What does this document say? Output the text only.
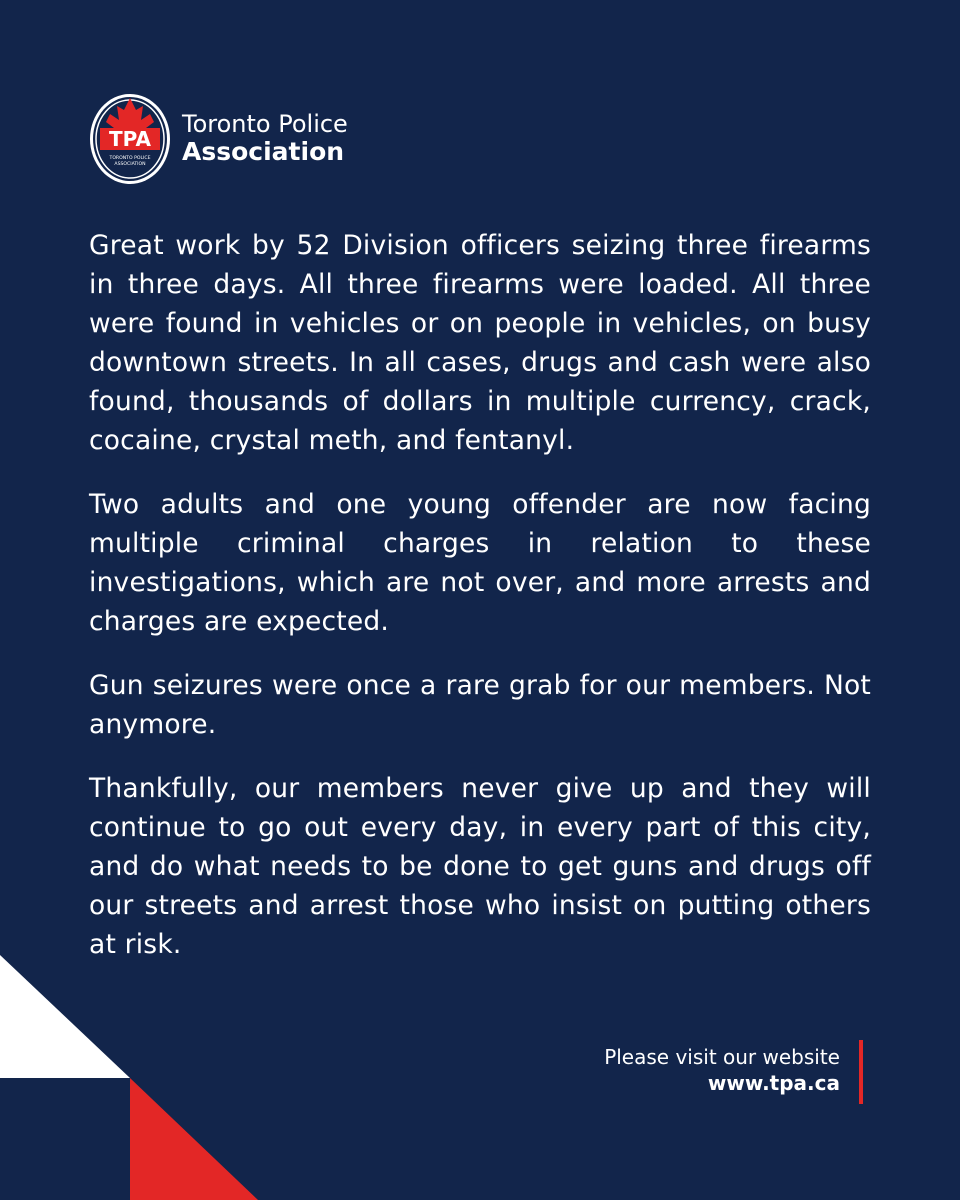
TPA
TORONTO POLICE
ASSOCIATION
Toronto Police
Association

Great work by 52 Division officers seizing three firearms in three days. All three firearms were loaded. All three were found in vehicles or on people in vehicles, on busy downtown streets. In all cases, drugs and cash were also found, thousands of dollars in multiple currency, crack, cocaine, crystal meth, and fentanyl.

Two adults and one young offender are now facing multiple criminal charges in relation to these investigations, which are not over, and more arrests and charges are expected.

Gun seizures were once a rare grab for our members. Not anymore.

Thankfully, our members never give up and they will continue to go out every day, in every part of this city, and do what needs to be done to get guns and drugs off our streets and arrest those who insist on putting others at risk.

Please visit our website
www.tpa.ca
